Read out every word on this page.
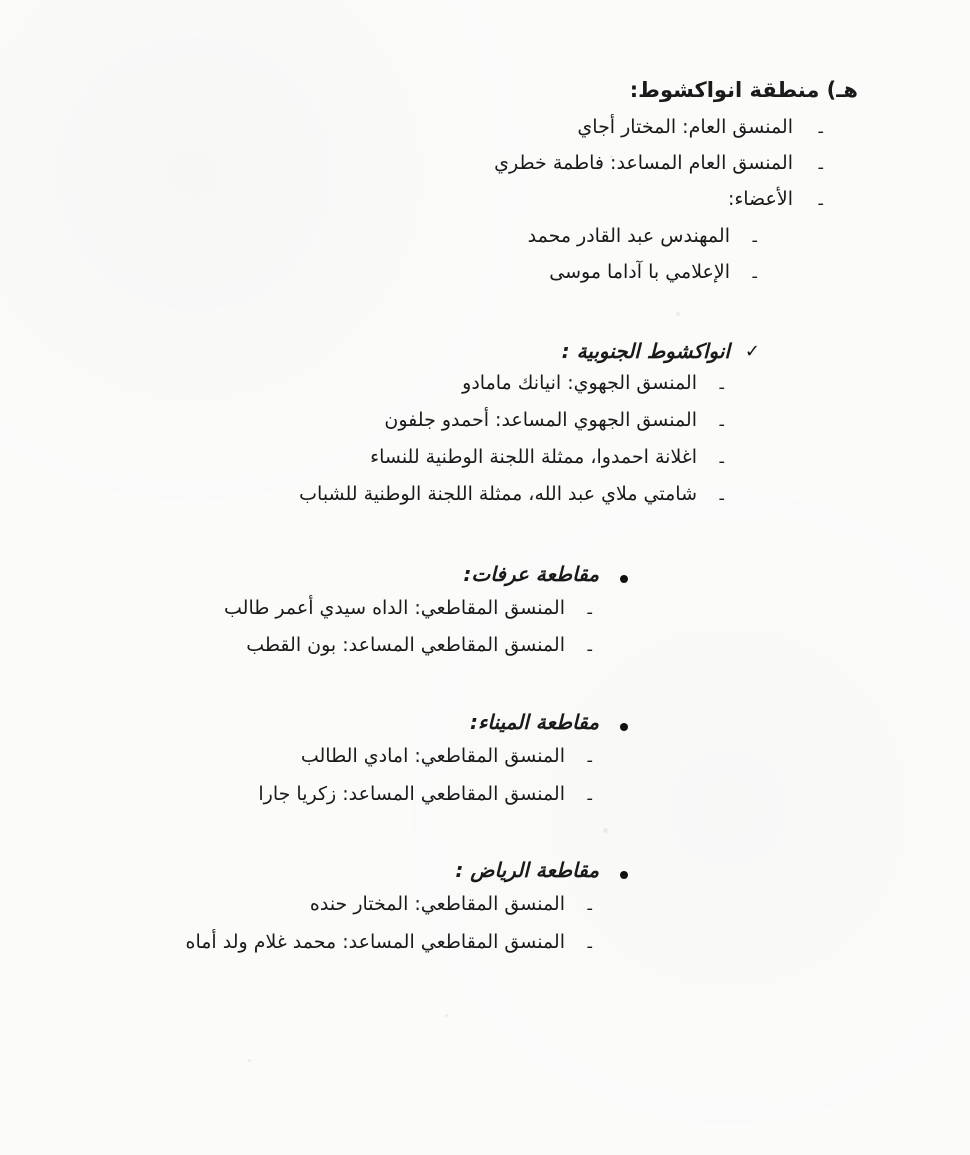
هـ) منطقة انواكشوط:
-
المنسق العام: المختار أجاي
-
المنسق العام المساعد: فاطمة خطري
-
الأعضاء:
-
المهندس عبد القادر محمد
-
الإعلامي با آداما موسى
✓
انواكشوط الجنوبية :
-
المنسق الجهوي: انيانك مامادو
-
المنسق الجهوي المساعد: أحمدو جلفون
-
اغلانة احمدوا، ممثلة اللجنة الوطنية للنساء
-
شامتي ملاي عبد الله، ممثلة اللجنة الوطنية للشباب
مقاطعة عرفات:
-
المنسق المقاطعي: الداه سيدي أعمر طالب
-
المنسق المقاطعي المساعد: بون القطب
مقاطعة الميناء:
-
المنسق المقاطعي: امادي الطالب
-
المنسق المقاطعي المساعد: زكريا جارا
مقاطعة الرياض :
-
المنسق المقاطعي: المختار حنده
-
المنسق المقاطعي المساعد: محمد غلام ولد أماه
